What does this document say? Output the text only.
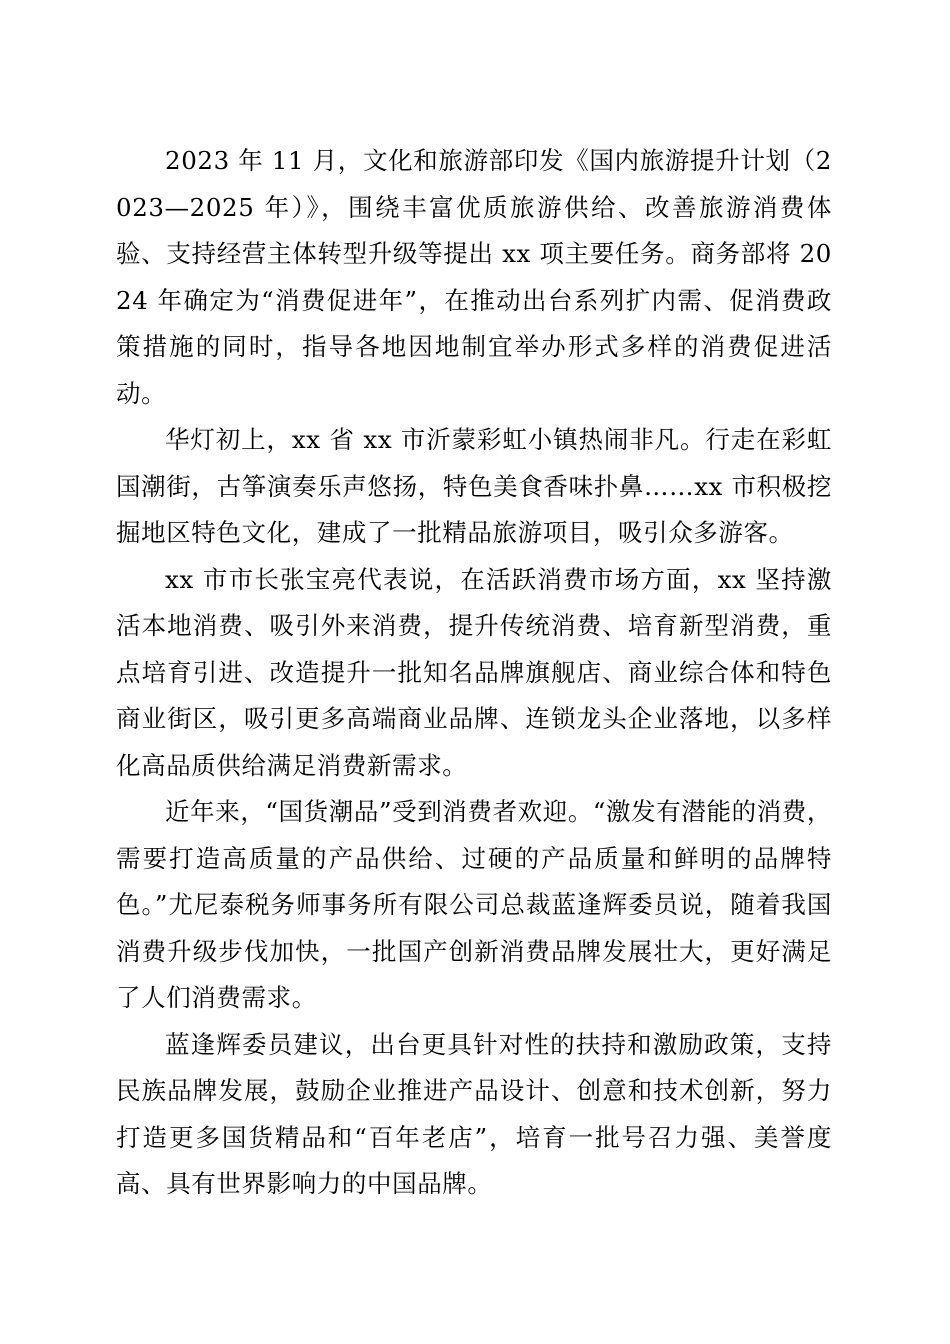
2023 年 11 月，文化和旅游部印发《国内旅游提升计划（2023—2025 年）》，围绕丰富优质旅游供给、改善旅游消费体验、支持经营主体转型升级等提出 xx 项主要任务。商务部将 2024 年确定为“消费促进年”，在推动出台系列扩内需、促消费政策措施的同时，指导各地因地制宜举办形式多样的消费促进活动。

华灯初上，xx 省 xx 市沂蒙彩虹小镇热闹非凡。行走在彩虹国潮街，古筝演奏乐声悠扬，特色美食香味扑鼻……xx 市积极挖掘地区特色文化，建成了一批精品旅游项目，吸引众多游客。

xx 市市长张宝亮代表说，在活跃消费市场方面，xx 坚持激活本地消费、吸引外来消费，提升传统消费、培育新型消费，重点培育引进、改造提升一批知名品牌旗舰店、商业综合体和特色商业街区，吸引更多高端商业品牌、连锁龙头企业落地，以多样化高品质供给满足消费新需求。

近年来，“国货潮品”受到消费者欢迎。“激发有潜能的消费，需要打造高质量的产品供给、过硬的产品质量和鲜明的品牌特色。”尤尼泰税务师事务所有限公司总裁蓝逢辉委员说，随着我国消费升级步伐加快，一批国产创新消费品牌发展壮大，更好满足了人们消费需求。

蓝逢辉委员建议，出台更具针对性的扶持和激励政策，支持民族品牌发展，鼓励企业推进产品设计、创意和技术创新，努力打造更多国货精品和“百年老店”，培育一批号召力强、美誉度高、具有世界影响力的中国品牌。
